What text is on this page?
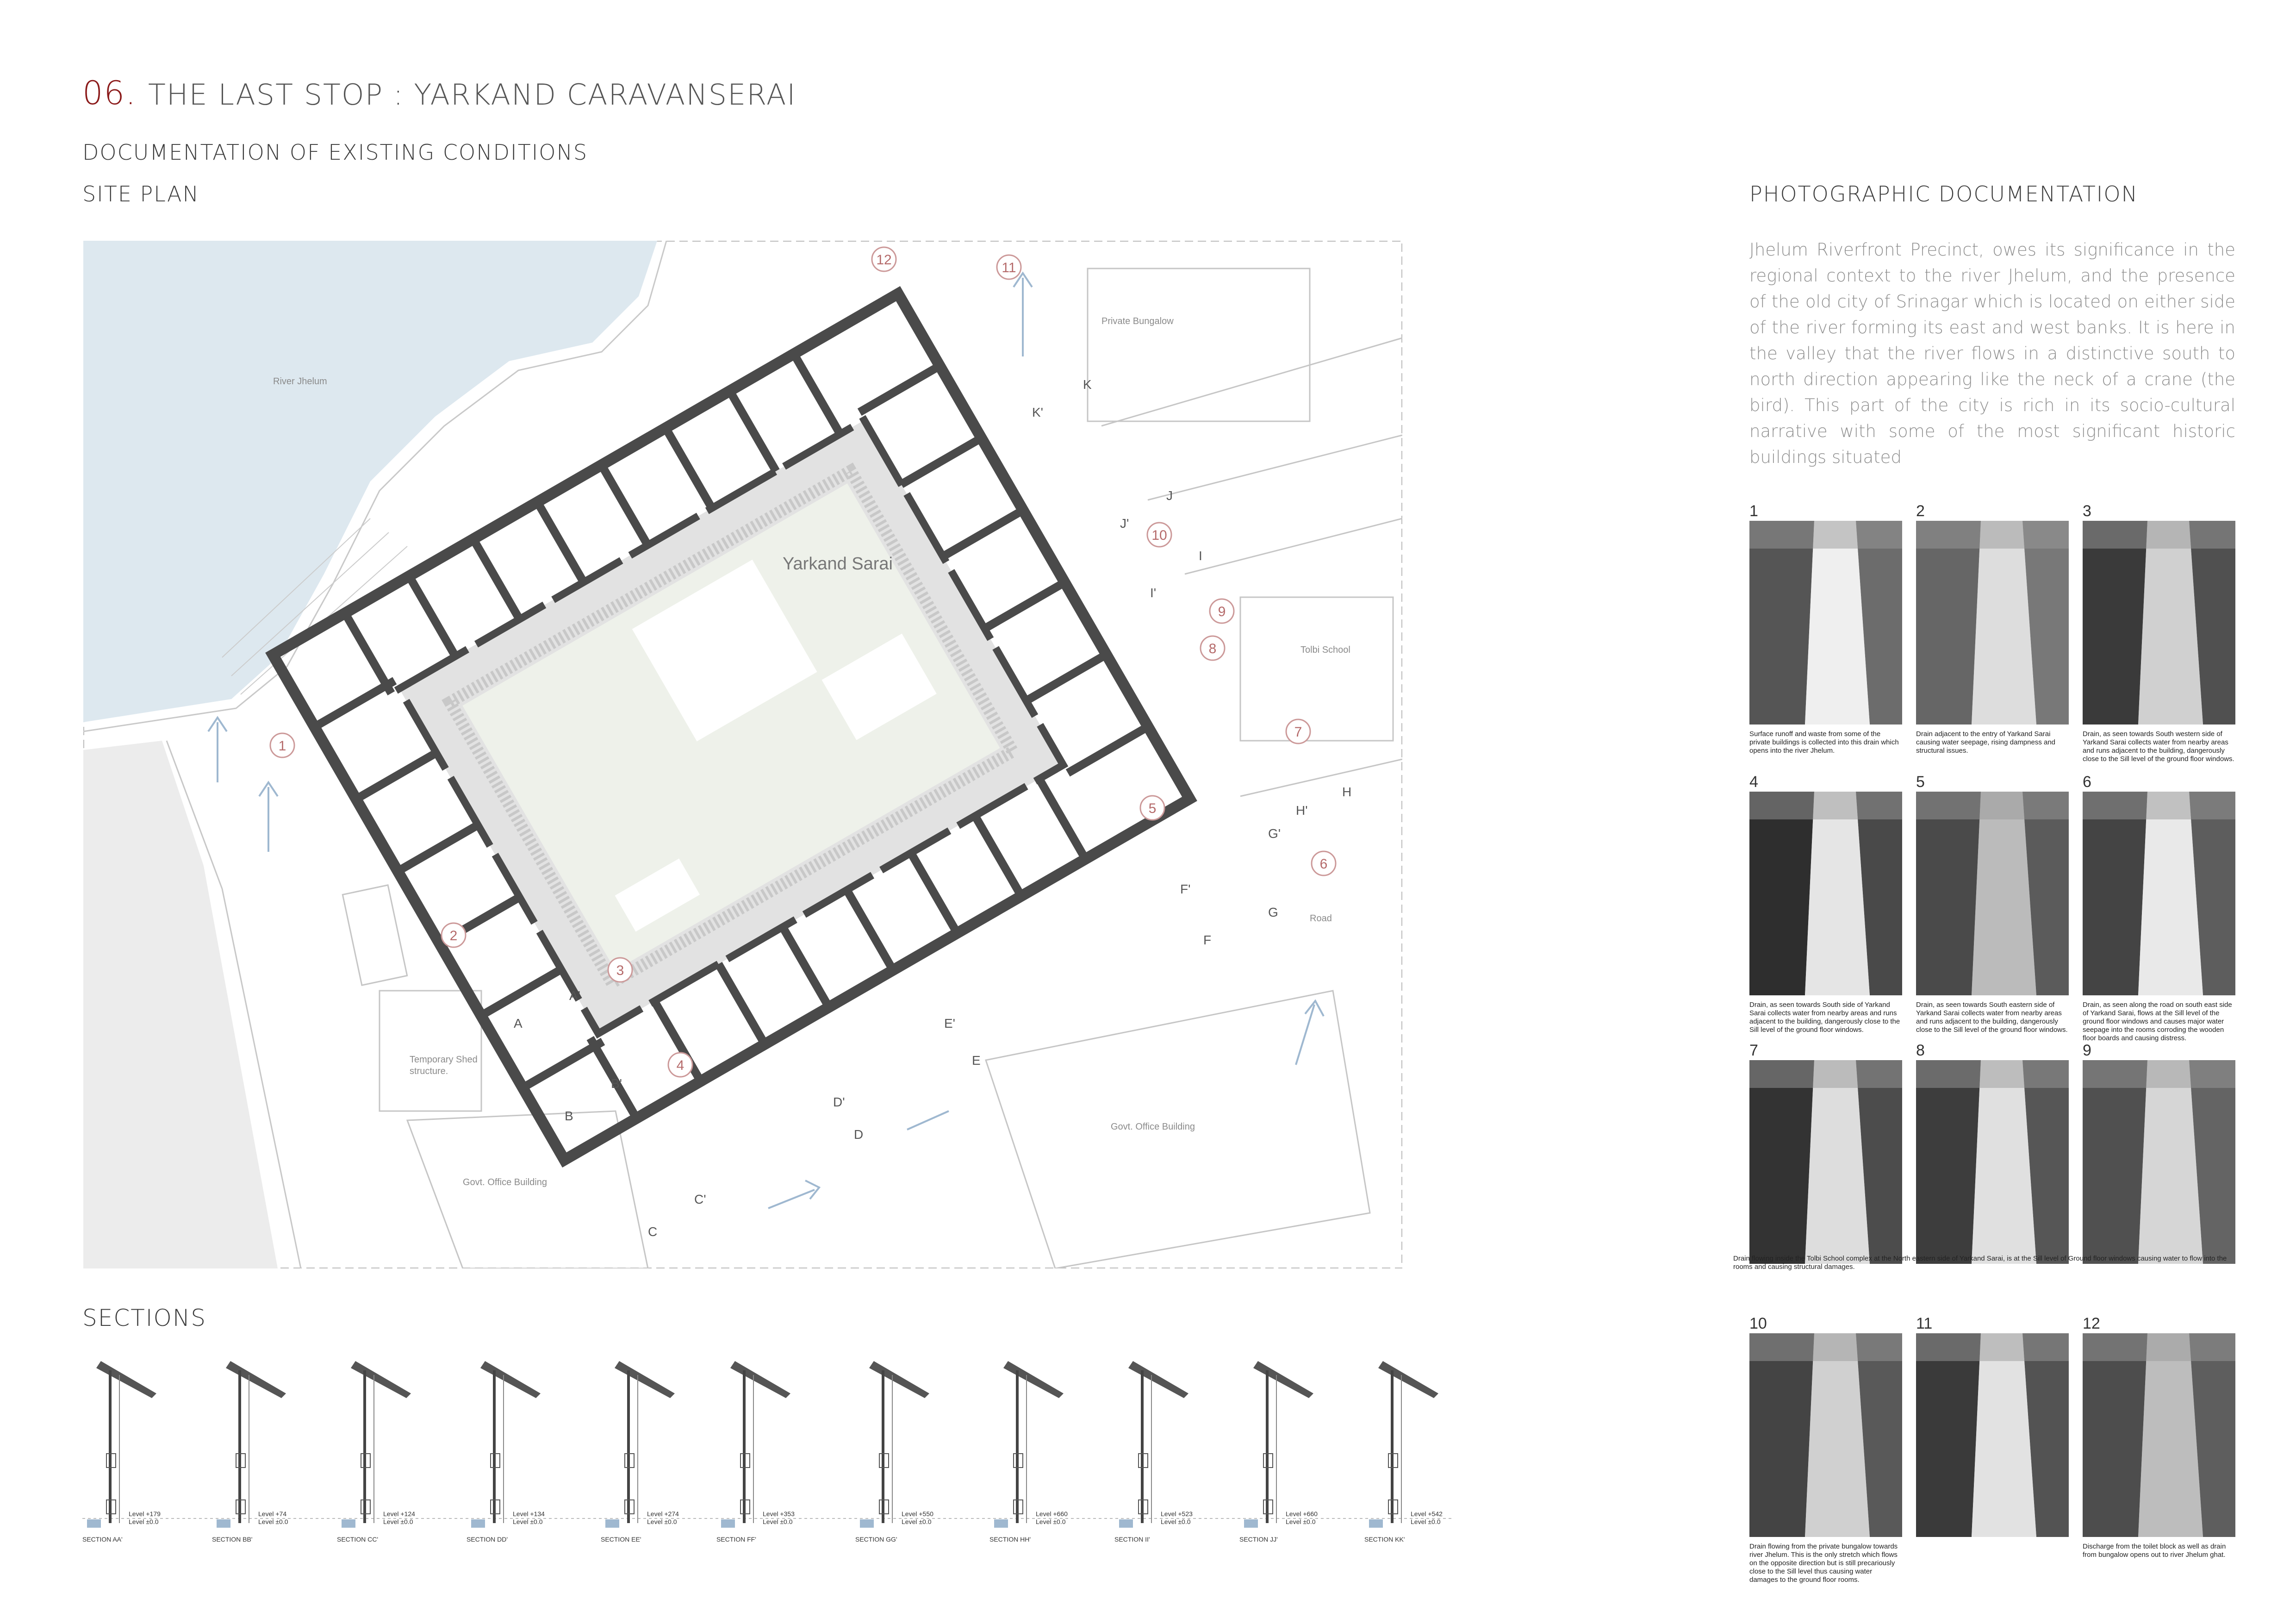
06. THE LAST STOP : YARKAND CARAVANSERAI
DOCUMENTATION OF EXISTING CONDITIONS
SITE PLAN	PHOTOGRAPHIC DOCUMENTATION
Jhelum Riverfront Precinct, owes its significance in the regional context to the river Jhelum, and the presence of the old city of Srinagar which is located on either side of the river forming its east and west banks. It is here in the valley that the river flows in a distinctive south to north direction appearing like the neck of a crane (the bird). This part of the city is rich in its socio-cultural narrative with some of the most significant historic buildings situated
Yarkand Sarai
River Jhelum
Private Bungalow
Tolbi School
Road
Govt. Office Building
Govt. Office Building
Temporary Shed
structure.
1
2
3
4
5
6
7
8
9
10
11
12
A
A'
B
B'
C
C'
D
D'
E
E'
F
F'
G
G'
H
H'
I
I'
J
J'
K
K'
1
Surface runoff and waste from some of the private buildings is collected into this drain which opens into the river Jhelum.
2
Drain adjacent to the entry of Yarkand Sarai causing water seepage, rising dampness and structural issues.
3
Drain, as seen towards South western side of Yarkand Sarai collects water from nearby areas and runs adjacent to the building, dangerously close to the Sill level of the ground floor windows.
4
Drain, as seen towards South side of Yarkand Sarai collects water from nearby areas and runs adjacent to the building, dangerously close to the Sill level of the ground floor windows.
5
Drain, as seen towards South eastern side of Yarkand Sarai collects water from nearby areas and runs adjacent to the building, dangerously close to the Sill level of the ground floor windows.
6
Drain, as seen along the road on south east side of Yarkand Sarai, flows at the Sill level of the ground floor windows and causes major water seepage into the rooms corroding the wooden floor boards and causing distress.
7	8	9
10
Drain flowing from the private bungalow towards river Jhelum. This is the only stretch which flows on the opposite direction but is still precariously close to the Sill level thus causing water damages to the ground floor rooms.
11	12
Discharge from the toilet block as well as drain from bungalow opens out to river Jhelum ghat.
Drain flowing inside the Tolbi School complex at the North eastern side of Yarkand Sarai, is at the Sill level of Ground floor windows causing water to flow into the rooms and causing structural damages.
SECTIONS
Level +179
Level ±0.0
SECTION AA'
Level +74
Level ±0.0
SECTION BB'
Level +124
Level ±0.0
SECTION CC'
Level +134
Level ±0.0
SECTION DD'
Level +274
Level ±0.0
SECTION EE'
Level +353
Level ±0.0
SECTION FF'
Level +550
Level ±0.0
SECTION GG'
Level +660
Level ±0.0
SECTION HH'
Level +523
Level ±0.0
SECTION II'
Level +660
Level ±0.0
SECTION JJ'
Level +542
Level ±0.0
SECTION KK'
